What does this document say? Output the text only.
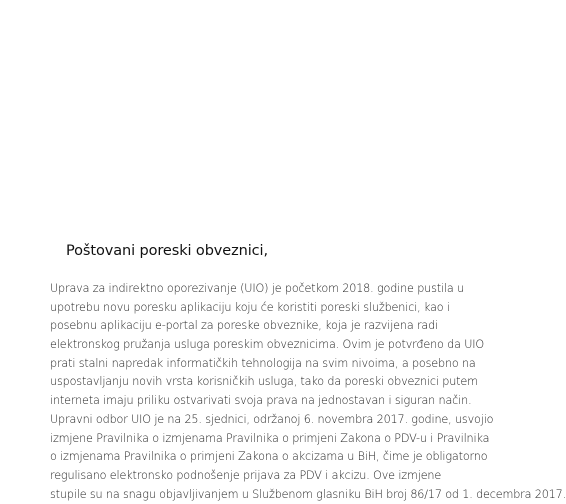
Poštovani poreski obveznici,
Uprava za indirektno oporezivanje (UIO) je početkom 2018. godine pustila u
upotrebu novu poresku aplikaciju koju će koristiti poreski službenici, kao i
posebnu aplikaciju e-portal za poreske obveznike, koja je razvijena radi
elektronskog pružanja usluga poreskim obveznicima. Ovim je potvrđeno da UIO
prati stalni napredak informatičkih tehnologija na svim nivoima, a posebno na
uspostavljanju novih vrsta korisničkih usluga, tako da poreski obveznici putem
interneta imaju priliku ostvarivati svoja prava na jednostavan i siguran način.
Upravni odbor UIO je na 25. sjednici, održanoj 6. novembra 2017. godine, usvojio
izmjene Pravilnika o izmjenama Pravilnika o primjeni Zakona o PDV-u i Pravilnika
o izmjenama Pravilnika o primjeni Zakona o akcizama u BiH, čime je obligatorno
regulisano elektronsko podnošenje prijava za PDV i akcizu. Ove izmjene
stupile su na snagu objavljivanjem u Službenom glasniku BiH broj 86/17 od 1. decembra 2017.
